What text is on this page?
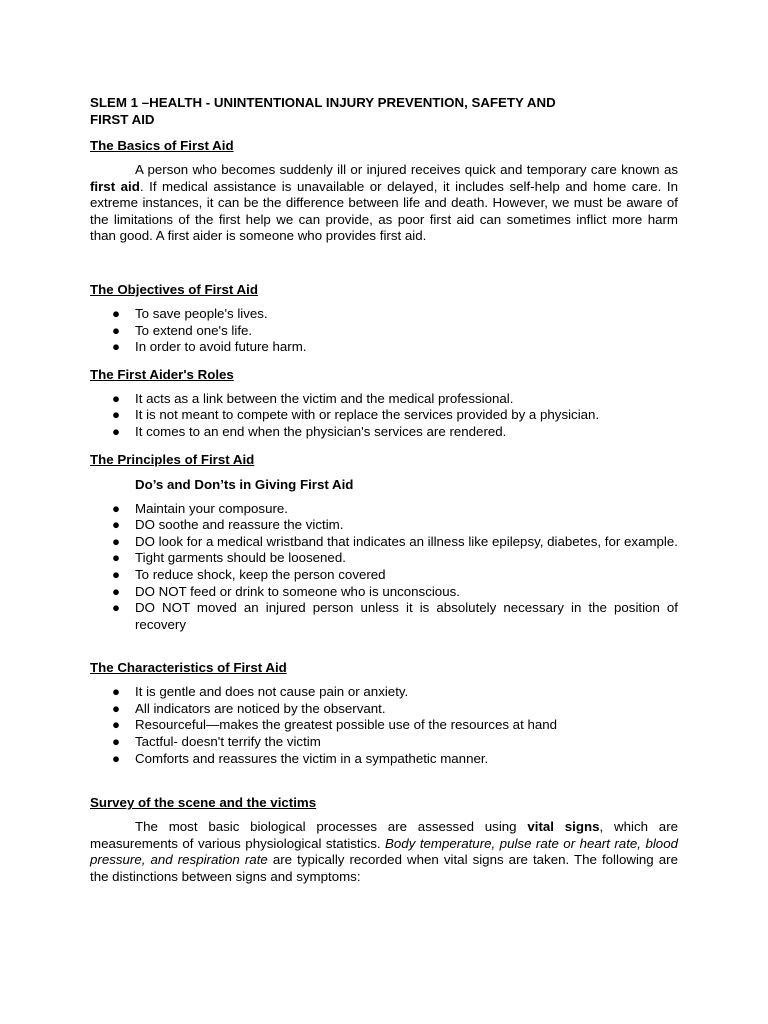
SLEM 1 –HEALTH - UNINTENTIONAL INJURY PREVENTION, SAFETY AND
FIRST AID
The Basics of First Aid

A person who becomes suddenly ill or injured receives quick and temporary care known as first aid. If medical assistance is unavailable or delayed, it includes self-help and home care. In extreme instances, it can be the difference between life and death. However, we must be aware of the limitations of the first help we can provide, as poor first aid can sometimes inflict more harm than good. A first aider is someone who provides first aid.

The Objectives of First Aid
● To save people's lives.
● To extend one's life.
● In order to avoid future harm.
The First Aider's Roles
● It acts as a link between the victim and the medical professional.
● It is not meant to compete with or replace the services provided by a physician.
● It comes to an end when the physician's services are rendered.
The Principles of First Aid
Do’s and Don’ts in Giving First Aid
● Maintain your composure.
● DO soothe and reassure the victim.
● DO look for a medical wristband that indicates an illness like epilepsy, diabetes, for example.
● Tight garments should be loosened.
● To reduce shock, keep the person covered
● DO NOT feed or drink to someone who is unconscious.
● DO NOT moved an injured person unless it is absolutely necessary in the position of recovery
The Characteristics of First Aid
● It is gentle and does not cause pain or anxiety.
● All indicators are noticed by the observant.
● Resourceful—makes the greatest possible use of the resources at hand
● Tactful- doesn't terrify the victim
● Comforts and reassures the victim in a sympathetic manner.
Survey of the scene and the victims

The most basic biological processes are assessed using vital signs, which are measurements of various physiological statistics. Body temperature, pulse rate or heart rate, blood pressure, and respiration rate are typically recorded when vital signs are taken. The following are the distinctions between signs and symptoms:
